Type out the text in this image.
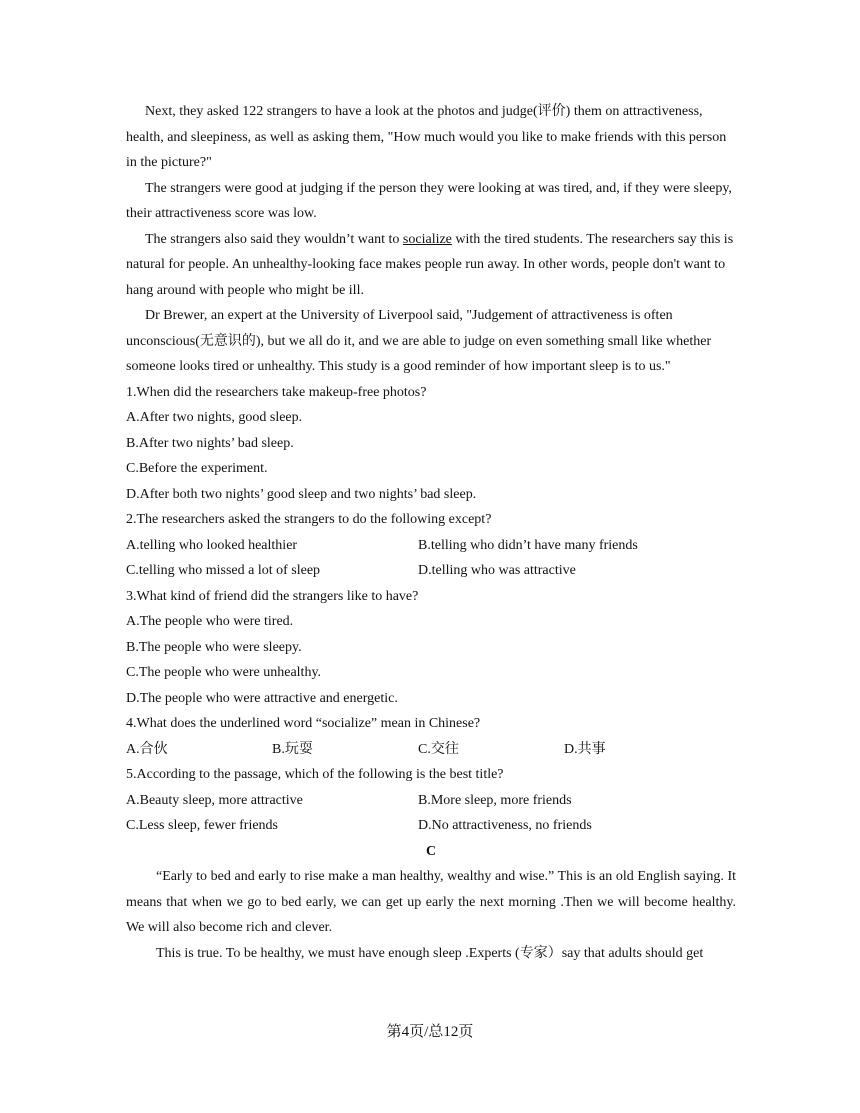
Next, they asked 122 strangers to have a look at the photos and judge(评价) them on attractiveness, health, and sleepiness, as well as asking them, "How much would you like to make friends with this person in the picture?"

The strangers were good at judging if the person they were looking at was tired, and, if they were sleepy, their attractiveness score was low.

The strangers also said they wouldn’t want to socialize with the tired students. The researchers say this is natural for people. An unhealthy-looking face makes people run away. In other words, people don't want to hang around with people who might be ill.

Dr Brewer, an expert at the University of Liverpool said, "Judgement of attractiveness is often unconscious(无意识的), but we all do it, and we are able to judge on even something small like whether someone looks tired or unhealthy. This study is a good reminder of how important sleep is to us."

1.When did the researchers take makeup-free photos?

A.After two nights, good sleep.

B.After two nights’ bad sleep.

C.Before the experiment.

D.After both two nights’ good sleep and two nights’ bad sleep.

2.The researchers asked the strangers to do the following except?

A.telling who looked healthier	B.telling who didn’t have many friends
C.telling who missed a lot of sleep	D.telling who was attractive

3.What kind of friend did the strangers like to have?

A.The people who were tired.

B.The people who were sleepy.

C.The people who were unhealthy.

D.The people who were attractive and energetic.

4.What does the underlined word “socialize” mean in Chinese?

A.合伙	B.玩耍	C.交往	D.共事

5.According to the passage, which of the following is the best title?

A.Beauty sleep, more attractive	B.More sleep, more friends
C.Less sleep, fewer friends	D.No attractiveness, no friends

C

“Early to bed and early to rise make a man healthy, wealthy and wise.” This is an old English saying. It means that when we go to bed early, we can get up early the next morning .Then we will become healthy. We will also become rich and clever.

This is true. To be healthy, we must have enough sleep .Experts (专家）say that adults should get

第4页/总12页
